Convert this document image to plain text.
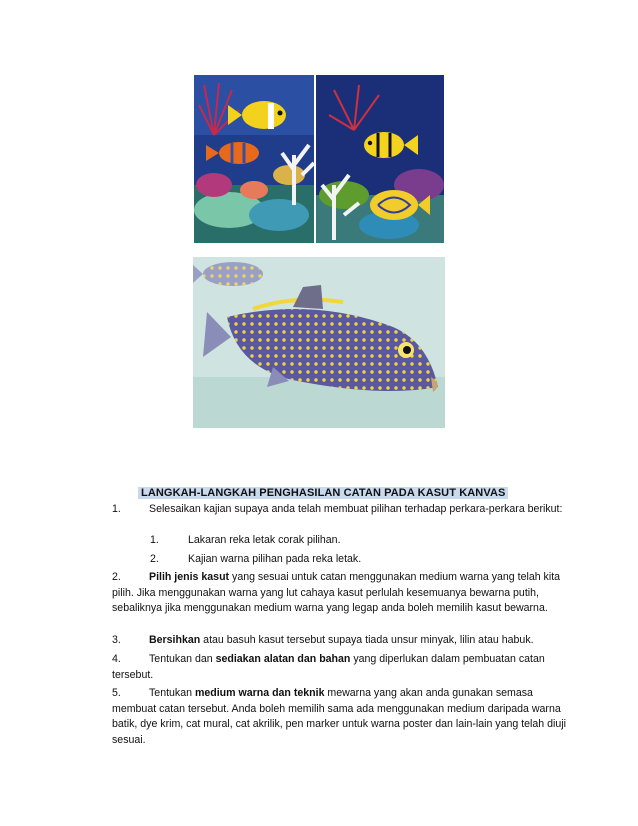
LANGKAH-LANGKAH PENGHASILAN CATAN PADA KASUT KANVAS
1.	Selesaikan kajian supaya anda telah membuat pilihan terhadap perkara-perkara berikut:
1.	Lakaran reka letak corak pilihan.
2.	Kajian warna pilihan pada reka letak.
2.	Pilih jenis kasut yang sesuai untuk catan menggunakan medium warna yang telah kita pilih. Jika menggunakan warna yang lut cahaya kasut perlulah kesemuanya bewarna putih, sebaliknya jika menggunakan medium warna yang legap anda boleh memilih kasut bewarna.
3.	Bersihkan atau basuh kasut tersebut supaya tiada unsur minyak, lilin atau habuk.
4.	Tentukan dan sediakan alatan dan bahan yang diperlukan dalam pembuatan catan tersebut.
5.	Tentukan medium warna dan teknik mewarna yang akan anda gunakan semasa membuat catan tersebut. Anda boleh memilih sama ada menggunakan medium daripada warna batik, dye krim, cat mural, cat akrilik, pen marker untuk warna poster dan lain-lain yang telah diuji sesuai.
